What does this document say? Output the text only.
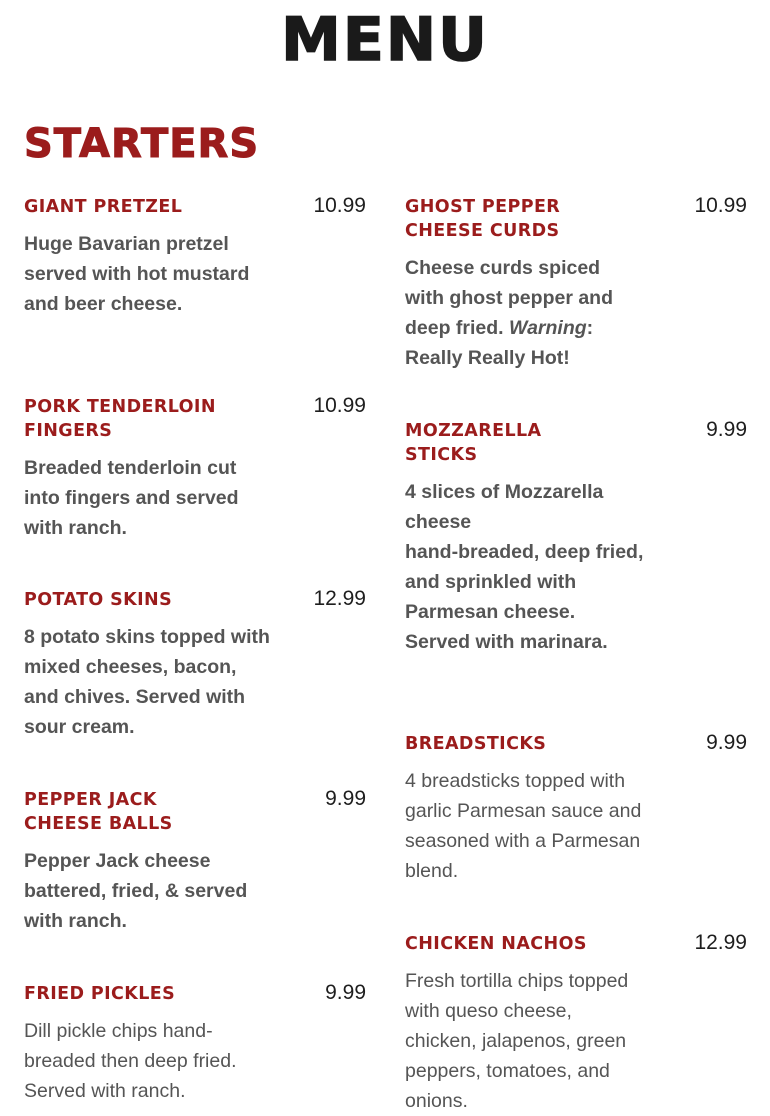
MENU
STARTERS
GIANT PRETZEL	10.99
Huge Bavarian pretzel served with hot mustard and beer cheese.
PORK TENDERLOIN FINGERS
10.99
Breaded tenderloin cut into fingers and served with ranch.
POTATO SKINS	12.99
8 potato skins topped with mixed cheeses, bacon, and chives. Served with sour cream.
PEPPER JACK CHEESE BALLS
9.99
Pepper Jack cheese battered, fried, & served with ranch.
FRIED PICKLES	9.99
Dill pickle chips hand-breaded then deep fried. Served with ranch.
GHOST PEPPER CHEESE CURDS
10.99
Cheese curds spiced with ghost pepper and deep fried. Warning: Really Really Hot!
MOZZARELLA STICKS
9.99
4 slices of Mozzarella cheese
hand-breaded, deep fried, and sprinkled with Parmesan cheese. Served with marinara.
BREADSTICKS	9.99
4 breadsticks topped with garlic Parmesan sauce and seasoned with a Parmesan blend.
CHICKEN NACHOS	12.99
Fresh tortilla chips topped with queso cheese, chicken, jalapenos, green peppers, tomatoes, and onions.
